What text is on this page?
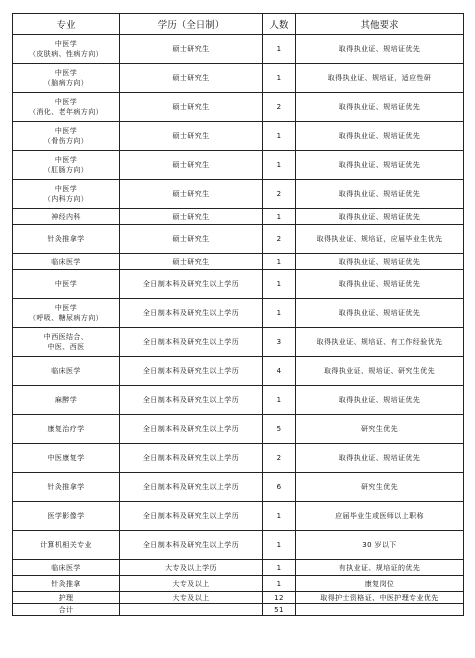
专业	学历（全日制）	人数	其他要求

中医学
（皮肤病、性病方向）	硕士研究生	1	取得执业证、规培证优先

中医学
（脑病方向）	硕士研究生	1	取得执业证、规培证，适应性研

中医学
（消化、老年病方向）	硕士研究生	2	取得执业证、规培证优先

中医学
（骨伤方向）	硕士研究生	1	取得执业证、规培证优先

中医学
（肛肠方向）	硕士研究生	1	取得执业证、规培证优先

中医学
（内科方向）	硕士研究生	2	取得执业证、规培证优先

神经内科	硕士研究生	1	取得执业证、规培证优先

针灸推拿学	硕士研究生	2	取得执业证、规培证，应届毕业生优先

临床医学	硕士研究生	1	取得执业证、规培证优先

中医学	全日制本科及研究生以上学历	1	取得执业证、规培证优先

中医学
（呼吸、糖尿病方向）	全日制本科及研究生以上学历	1	取得执业证、规培证优先

中西医结合、
中医、西医	全日制本科及研究生以上学历	3	取得执业证、规培证、有工作经验优先

临床医学	全日制本科及研究生以上学历	4	取得执业证、规培证、研究生优先

麻醉学	全日制本科及研究生以上学历	1	取得执业证、规培证优先

康复治疗学	全日制本科及研究生以上学历	5	研究生优先

中医康复学	全日制本科及研究生以上学历	2	取得执业证、规培证优先

针灸推拿学	全日制本科及研究生以上学历	6	研究生优先

医学影像学	全日制本科及研究生以上学历	1	应届毕业生或医师以上职称

计算机相关专业	全日制本科及研究生以上学历	1	30 岁以下

临床医学	大专及以上学历	1	有执业证、规培证的优先

针灸推拿	大专及以上	1	康复岗位

护理	大专及以上	12	取得护士资格证、中医护理专业优先
合计		51	
